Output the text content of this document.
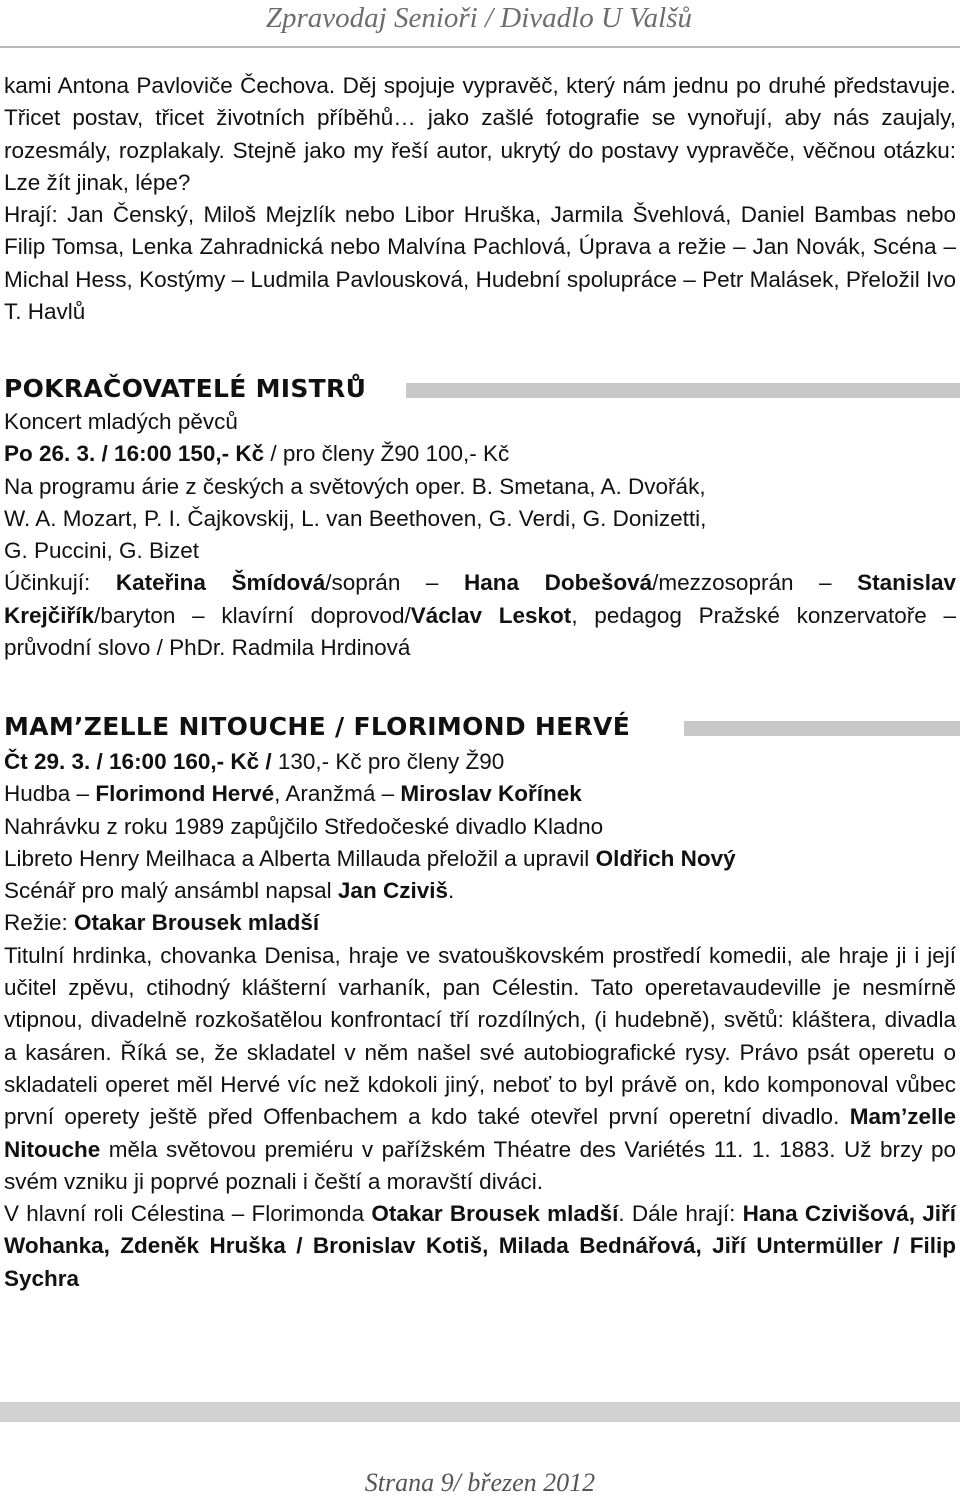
Zpravodaj Senioři / Divadlo U Valšů

kami Antona Pavloviče Čechova. Děj spojuje vypravěč, který nám jednu po druhé představuje. Třicet postav, třicet životních příběhů… jako zašlé fotografie se vynořují, aby nás zaujaly, rozesmály, rozplakaly. Stejně jako my řeší autor, ukrytý do postavy vypravěče, věčnou otázku: Lze žít jinak, lépe?

Hrají: Jan Čenský, Miloš Mejzlík nebo Libor Hruška, Jarmila Švehlová, Daniel Bambas nebo Filip Tomsa, Lenka Zahradnická nebo Malvína Pachlová, Úprava a režie – Jan Novák, Scéna – Michal Hess, Kostýmy – Ludmila Pavlousková, Hudební spolupráce – Petr Malásek, Přeložil Ivo T. Havlů

POKRAČOVATELÉ MISTRŮ

Koncert mladých pěvců

Po 26. 3. / 16:00 150,- Kč / pro členy Ž90 100,- Kč

Na programu árie z českých a světových oper. B. Smetana, A. Dvořák,

W. A. Mozart, P. I. Čajkovskij, L. van Beethoven, G. Verdi, G. Donizetti,

G. Puccini, G. Bizet

Účinkují: Kateřina Šmídová/soprán – Hana Dobešová/mezzosoprán – Stanislav Krejčiřík/baryton – klavírní doprovod/Václav Leskot, pedagog Pražské konzervatoře – průvodní slovo / PhDr. Radmila Hrdinová

MAM’ZELLE NITOUCHE / FLORIMOND HERVÉ

Čt 29. 3. / 16:00 160,- Kč / 130,- Kč pro členy Ž90

Hudba – Florimond Hervé, Aranžmá – Miroslav Kořínek

Nahrávku z roku 1989 zapůjčilo Středočeské divadlo Kladno

Libreto Henry Meilhaca a Alberta Millauda přeložil a upravil Oldřich Nový

Scénář pro malý ansámbl napsal Jan Cziviš.

Režie: Otakar Brousek mladší

Titulní hrdinka, chovanka Denisa, hraje ve svatouškovském prostředí komedii, ale hraje ji i její učitel zpěvu, ctihodný klášterní varhaník, pan Célestin. Tato operetavaudeville je nesmírně vtipnou, divadelně rozkošatělou konfrontací tří rozdílných, (i hudebně), světů: kláštera, divadla a kasáren. Říká se, že skladatel v něm našel své autobiografické rysy. Právo psát operetu o skladateli operet měl Hervé víc než kdokoli jiný, neboť to byl právě on, kdo komponoval vůbec první operety ještě před Offenbachem a kdo také otevřel první operetní divadlo. Mam’zelle Nitouche měla světovou premiéru v pařížském Théatre des Variétés 11. 1. 1883. Už brzy po svém vzniku ji poprvé poznali i čeští a moravští diváci.

V hlavní roli Célestina – Florimonda Otakar Brousek mladší. Dále hrají: Hana Czivišová, Jiří Wohanka, Zdeněk Hruška / Bronislav Kotiš, Milada Bednářová, Jiří Untermüller / Filip Sychra

Strana 9/ březen 2012
